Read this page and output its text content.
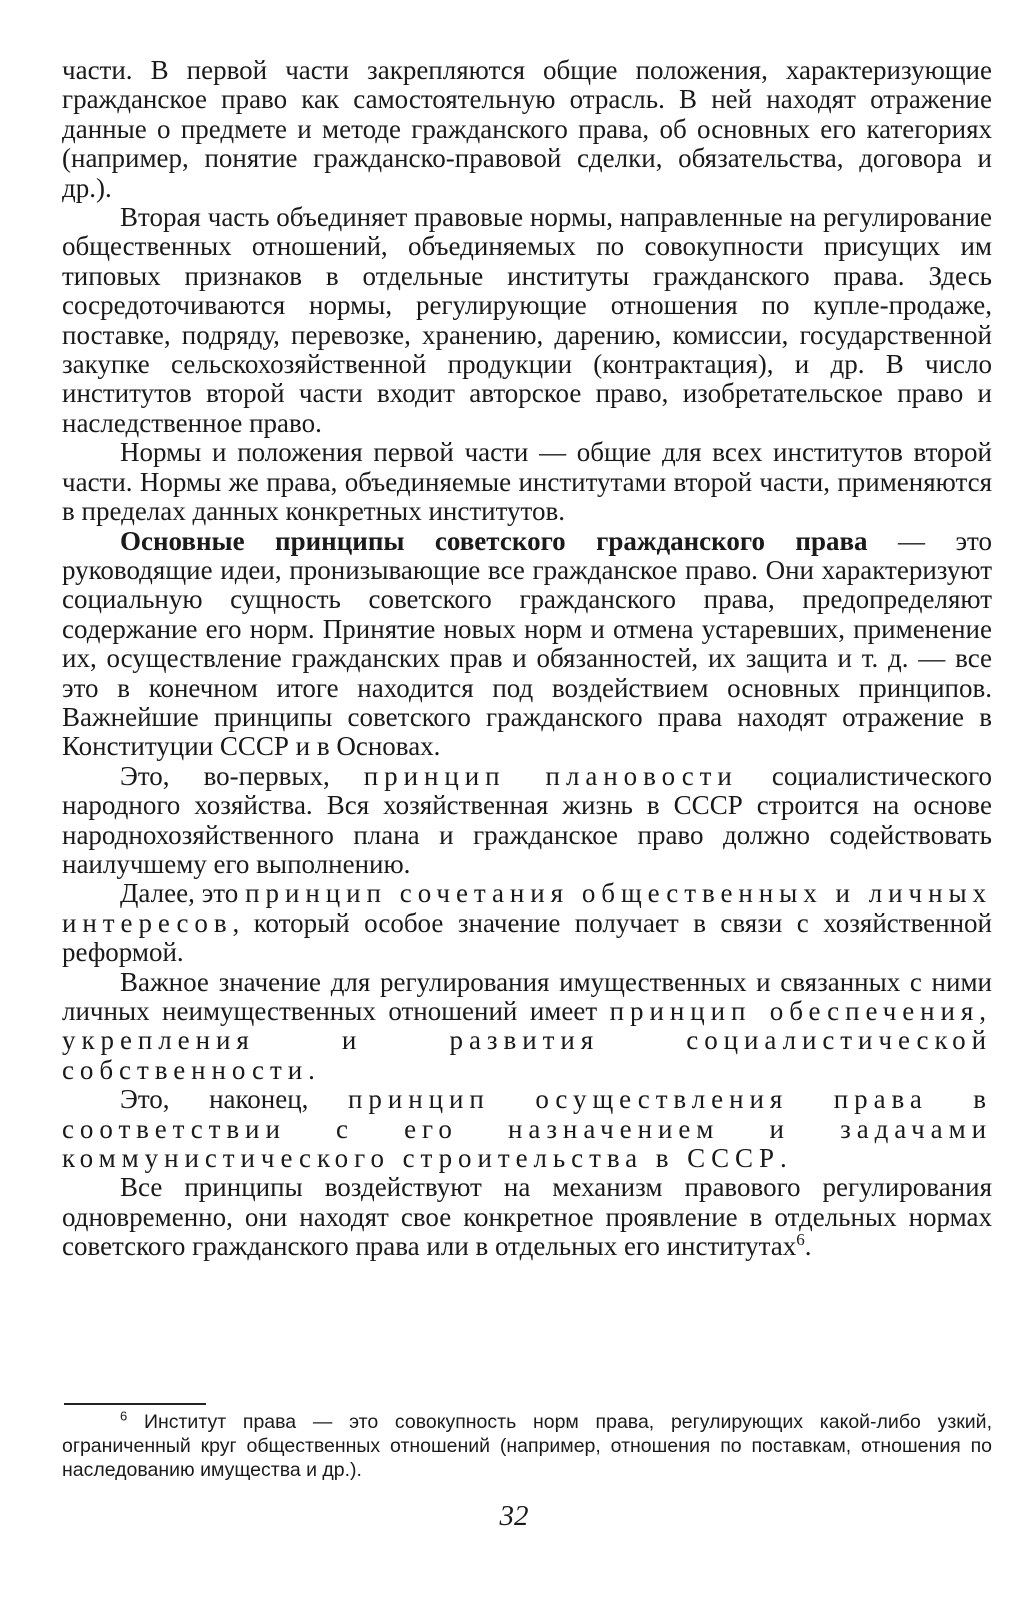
части. В первой части закрепляются общие положения, характеризующие гражданское право как самостоятельную отрасль. В ней находят отражение данные о предмете и методе гражданского права, об основных его категориях (например, понятие гражданско-правовой сделки, обязательства, договора и др.).

Вторая часть объединяет правовые нормы, направленные на регулирование общественных отношений, объединяемых по совокупности присущих им типовых признаков в отдельные институты гражданского права. Здесь сосредоточиваются нормы, регулирующие отношения по купле-продаже, поставке, подряду, перевозке, хранению, дарению, комиссии, государственной закупке сельскохозяйственной продукции (контрактация), и др. В число институтов второй части входит авторское право, изобретательское право и наследственное право.

Нормы и положения первой части — общие для всех институтов второй части. Нормы же права, объединяемые институтами второй части, применяются в пределах данных конкретных институтов.

Основные принципы советского гражданского права — это руководящие идеи, пронизывающие все гражданское право. Они характеризуют социальную сущность советского гражданского права, предопределяют содержание его норм. Принятие новых норм и отмена устаревших, применение их, осуществление гражданских прав и обязанностей, их защита и т. д. — все это в конечном итоге находится под воздействием основных принципов. Важнейшие принципы советского гражданского права находят отражение в Конституции СССР и в Основах.

Это, во-первых, принцип плановости социалистического народного хозяйства. Вся хозяйственная жизнь в СССР строится на основе народнохозяйственного плана и гражданское право должно содействовать наилучшему его выполнению.

Далее, это принцип сочетания общественных и личных интересов, который особое значение получает в связи с хозяйственной реформой.

Важное значение для регулирования имущественных и связанных с ними личных неимущественных отношений имеет принцип обеспечения, укрепления и развития социалистической собственности.

Это, наконец, принцип осуществления права в соответствии с его назначением и задачами коммунистического строительства в СССР.

Все принципы воздействуют на механизм правового регулирования одновременно, они находят свое конкретное проявление в отдельных нормах советского гражданского права или в отдельных его институтах$^6$.

$^6$ Институт права — это совокупность норм права, регулирующих какой-либо узкий, ограниченный круг общественных отношений (например, отношения по поставкам, отношения по наследованию имущества и др.).

32
